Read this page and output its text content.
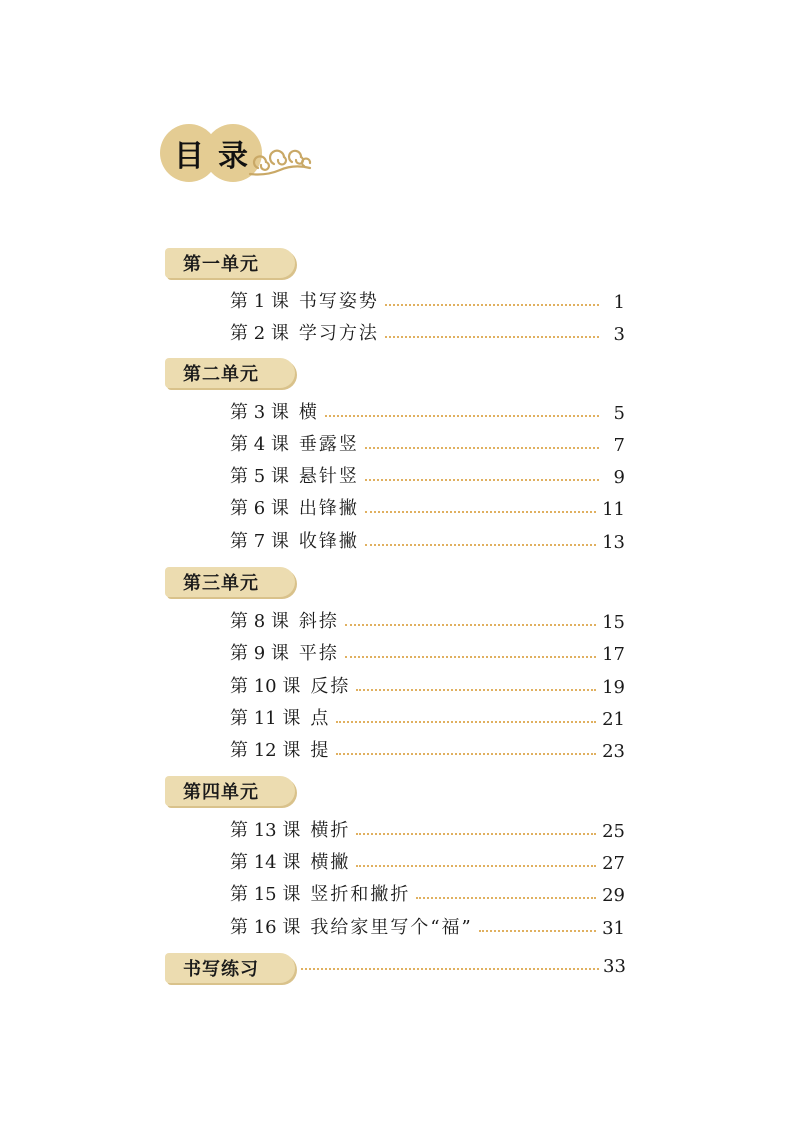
目 录
第一单元
第 1 课 书写姿势	1
第 2 课 学习方法	3
第二单元
第 3 课 横	5
第 4 课 垂露竖	7
第 5 课 悬针竖	9
第 6 课 出锋撇	11
第 7 课 收锋撇	13
第三单元
第 8 课 斜捺	15
第 9 课 平捺	17
第 10 课 反捺	19
第 11 课 点	21
第 12 课 提	23
第四单元
第 13 课 横折	25
第 14 课 横撇	27
第 15 课 竖折和撇折	29
第 16 课 我给家里写个“福”	31
书写练习	33
